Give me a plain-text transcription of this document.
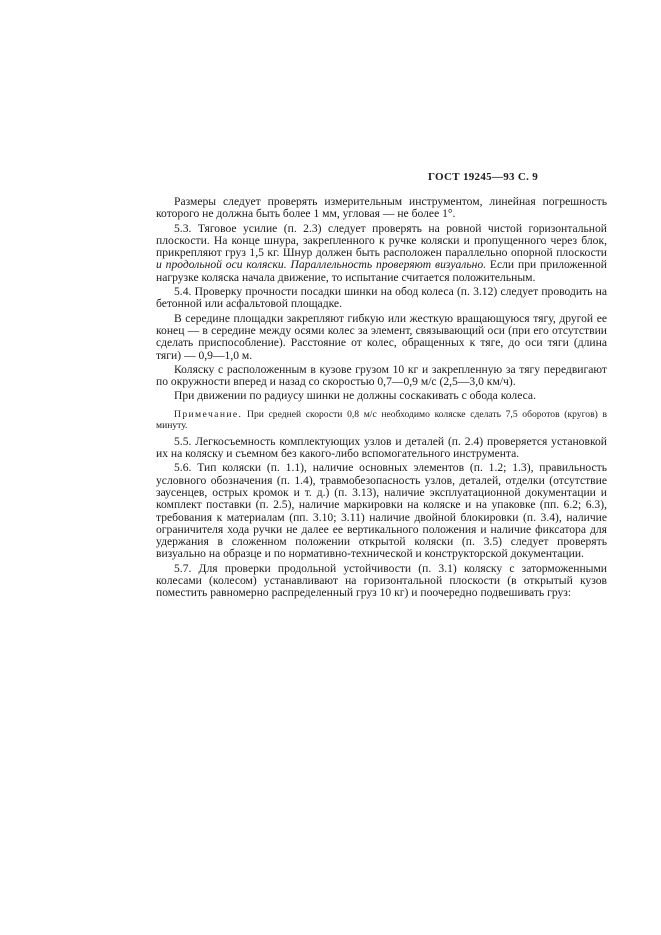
ГОСТ 19245—93 С. 9

Размеры следует проверять измерительным инструментом, линейная погрешность которого не должна быть более 1 мм, угловая — не более 1°.

5.3. Тяговое усилие (п. 2.3) следует проверять на ровной чистой горизонтальной плоскости. На конце шнура, закрепленного к ручке коляски и пропущенного через блок, прикрепляют груз 1,5 кг. Шнур должен быть расположен параллельно опорной плоскости и продольной оси коляски. Параллельность проверяют визуально. Если при приложенной нагрузке коляска начала движение, то испытание считается положительным.

5.4. Проверку прочности посадки шинки на обод колеса (п. 3.12) следует проводить на бетонной или асфальтовой площадке.

В середине площадки закрепляют гибкую или жесткую вращающуюся тягу, другой ее конец — в середине между осями колес за элемент, связывающий оси (при его отсутствии сделать приспособление). Расстояние от колес, обращенных к тяге, до оси тяги (длина тяги) — 0,9—1,0 м.

Коляску с расположенным в кузове грузом 10 кг и закрепленную за тягу передвигают по окружности вперед и назад со скоростью 0,7—0,9 м/с (2,5—3,0 км/ч).

При движении по радиусу шинки не должны соскакивать с обода колеса.

Примечание. При средней скорости 0,8 м/с необходимо коляске сделать 7,5 оборотов (кругов) в минуту.

5.5. Легкосъемность комплектующих узлов и деталей (п. 2.4) проверяется установкой их на коляску и съемном без какого-либо вспомогательного инструмента.

5.6. Тип коляски (п. 1.1), наличие основных элементов (п. 1.2; 1.3), правильность условного обозначения (п. 1.4), травмобезопасность узлов, деталей, отделки (отсутствие заусенцев, острых кромок и т. д.) (п. 3.13), наличие эксплуатационной документации и комплект поставки (п. 2.5), наличие маркировки на коляске и на упаковке (пп. 6.2; 6.3), требования к материалам (пп. 3.10; 3.11) наличие двойной блокировки (п. 3.4), наличие ограничителя хода ручки не далее ее вертикального положения и наличие фиксатора для удержания в сложенном положении открытой коляски (п. 3.5) следует проверять визуально на образце и по нормативно-технической и конструкторской документации.

5.7. Для проверки продольной устойчивости (п. 3.1) коляску с заторможенными колесами (колесом) устанавливают на горизонтальной плоскости (в открытый кузов поместить равномерно распределенный груз 10 кг) и поочередно подвешивать груз:
